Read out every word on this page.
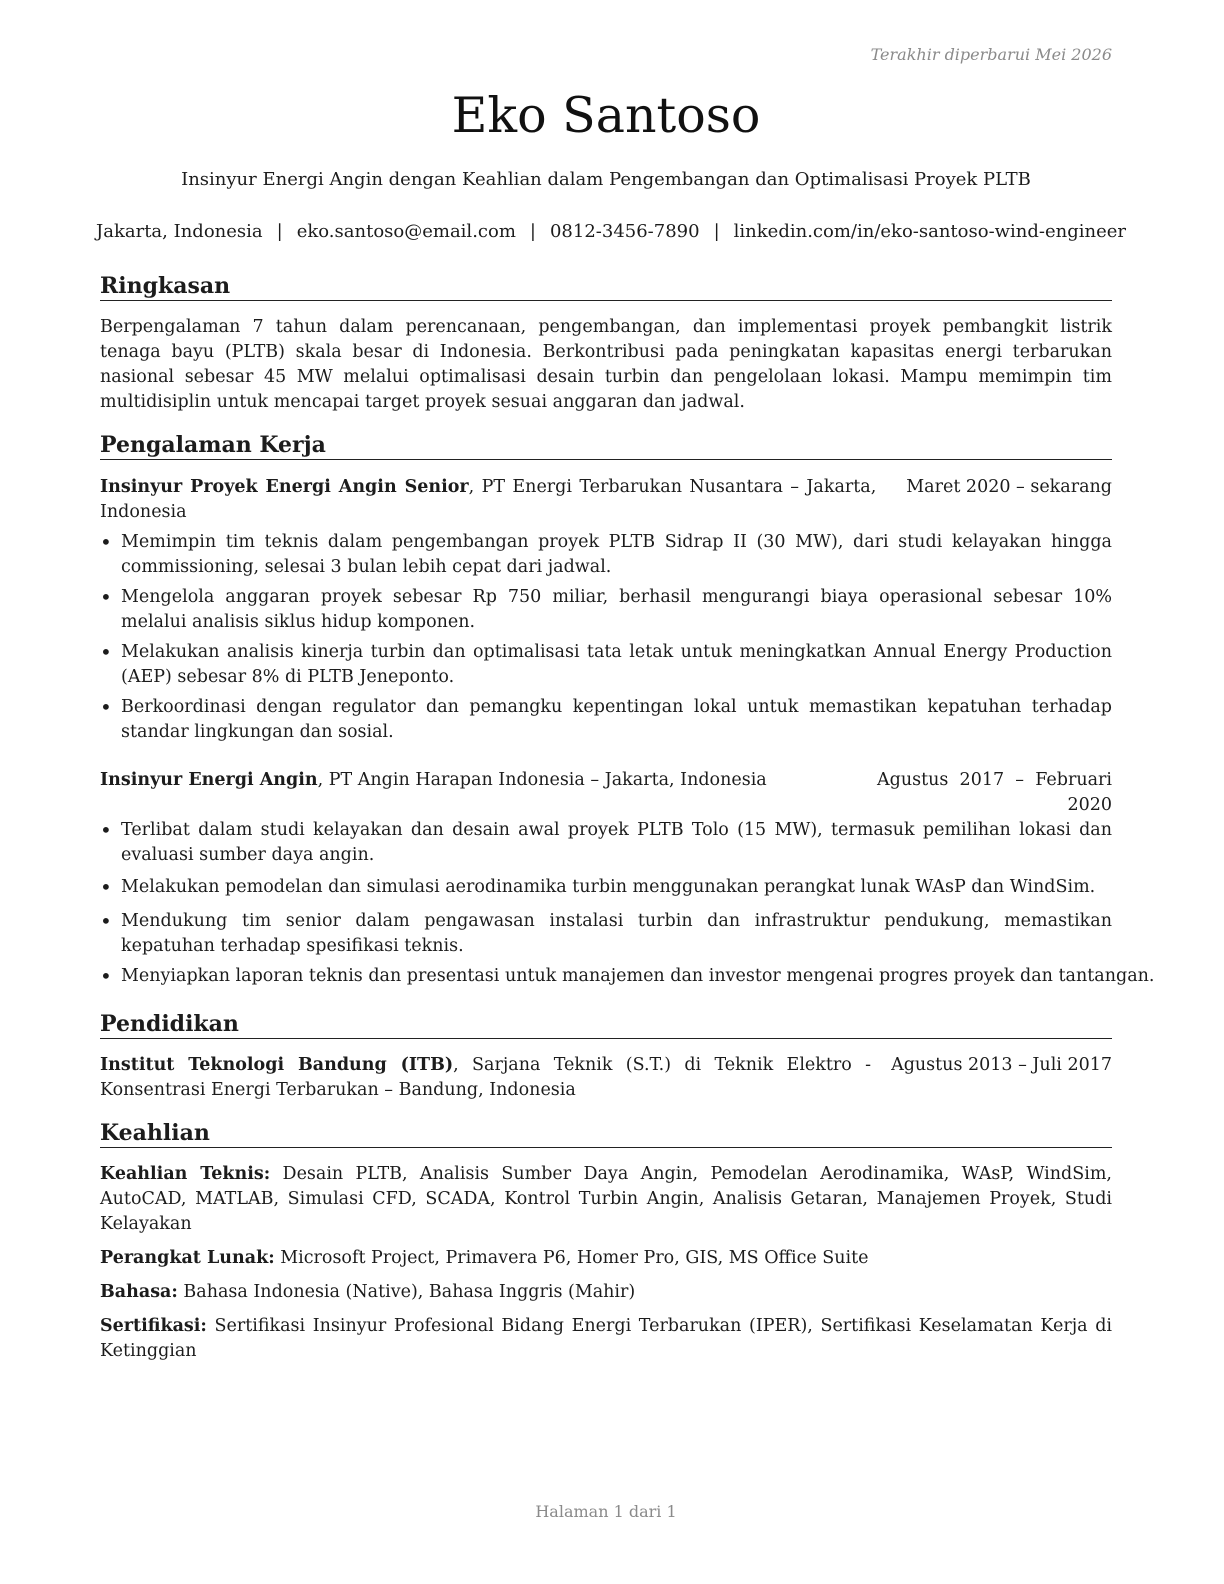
Terakhir diperbarui Mei 2026
Eko Santoso
Insinyur Energi Angin dengan Keahlian dalam Pengembangan dan Optimalisasi Proyek PLTB
Jakarta, Indonesia | eko.santoso@email.com | 0812-3456-7890 | linkedin.com/in/eko-santoso-wind-engineer
Ringkasan

Berpengalaman 7 tahun dalam perencanaan, pengembangan, dan implementasi proyek pembangkit listrik tenaga bayu (PLTB) skala besar di Indonesia. Berkontribusi pada peningkatan kapasitas energi terbarukan nasional sebesar 45 MW melalui optimalisasi desain turbin dan pengelolaan lokasi. Mampu memimpin tim multidisiplin untuk mencapai target proyek sesuai anggaran dan jadwal.

Pengalaman Kerja
Maret 2020 – sekarang
Insinyur Proyek Energi Angin Senior, PT Energi Terbarukan Nusantara – Jakarta, Indonesia
• Memimpin tim teknis dalam pengembangan proyek PLTB Sidrap II (30 MW), dari studi kelayakan hingga commissioning, selesai 3 bulan lebih cepat dari jadwal.
• Mengelola anggaran proyek sebesar Rp 750 miliar, berhasil mengurangi biaya operasional sebesar 10% melalui analisis siklus hidup komponen.
• Melakukan analisis kinerja turbin dan optimalisasi tata letak untuk meningkatkan Annual Energy Production (AEP) sebesar 8% di PLTB Jeneponto.
• Berkoordinasi dengan regulator dan pemangku kepentingan lokal untuk memastikan kepatuhan terhadap standar lingkungan dan sosial.
Agustus 2017 – Februari 2020
Insinyur Energi Angin, PT Angin Harapan Indonesia – Jakarta, Indonesia
• Terlibat dalam studi kelayakan dan desain awal proyek PLTB Tolo (15 MW), termasuk pemilihan lokasi dan evaluasi sumber daya angin.
• Melakukan pemodelan dan simulasi aerodinamika turbin menggunakan perangkat lunak WAsP dan WindSim.
• Mendukung tim senior dalam pengawasan instalasi turbin dan infrastruktur pendukung, memastikan kepatuhan terhadap spesifikasi teknis.
• Menyiapkan laporan teknis dan presentasi untuk manajemen dan investor mengenai progres proyek dan tantangan.
Pendidikan
Agustus 2013 – Juli 2017
Institut Teknologi Bandung (ITB), Sarjana Teknik (S.T.) di Teknik Elektro - Konsentrasi Energi Terbarukan – Bandung, Indonesia
Keahlian

Keahlian Teknis: Desain PLTB, Analisis Sumber Daya Angin, Pemodelan Aerodinamika, WAsP, WindSim, AutoCAD, MATLAB, Simulasi CFD, SCADA, Kontrol Turbin Angin, Analisis Getaran, Manajemen Proyek, Studi Kelayakan

Perangkat Lunak: Microsoft Project, Primavera P6, Homer Pro, GIS, MS Office Suite

Bahasa: Bahasa Indonesia (Native), Bahasa Inggris (Mahir)

Sertifikasi: Sertifikasi Insinyur Profesional Bidang Energi Terbarukan (IPER), Sertifikasi Keselamatan Kerja di Ketinggian

Halaman 1 dari 1
